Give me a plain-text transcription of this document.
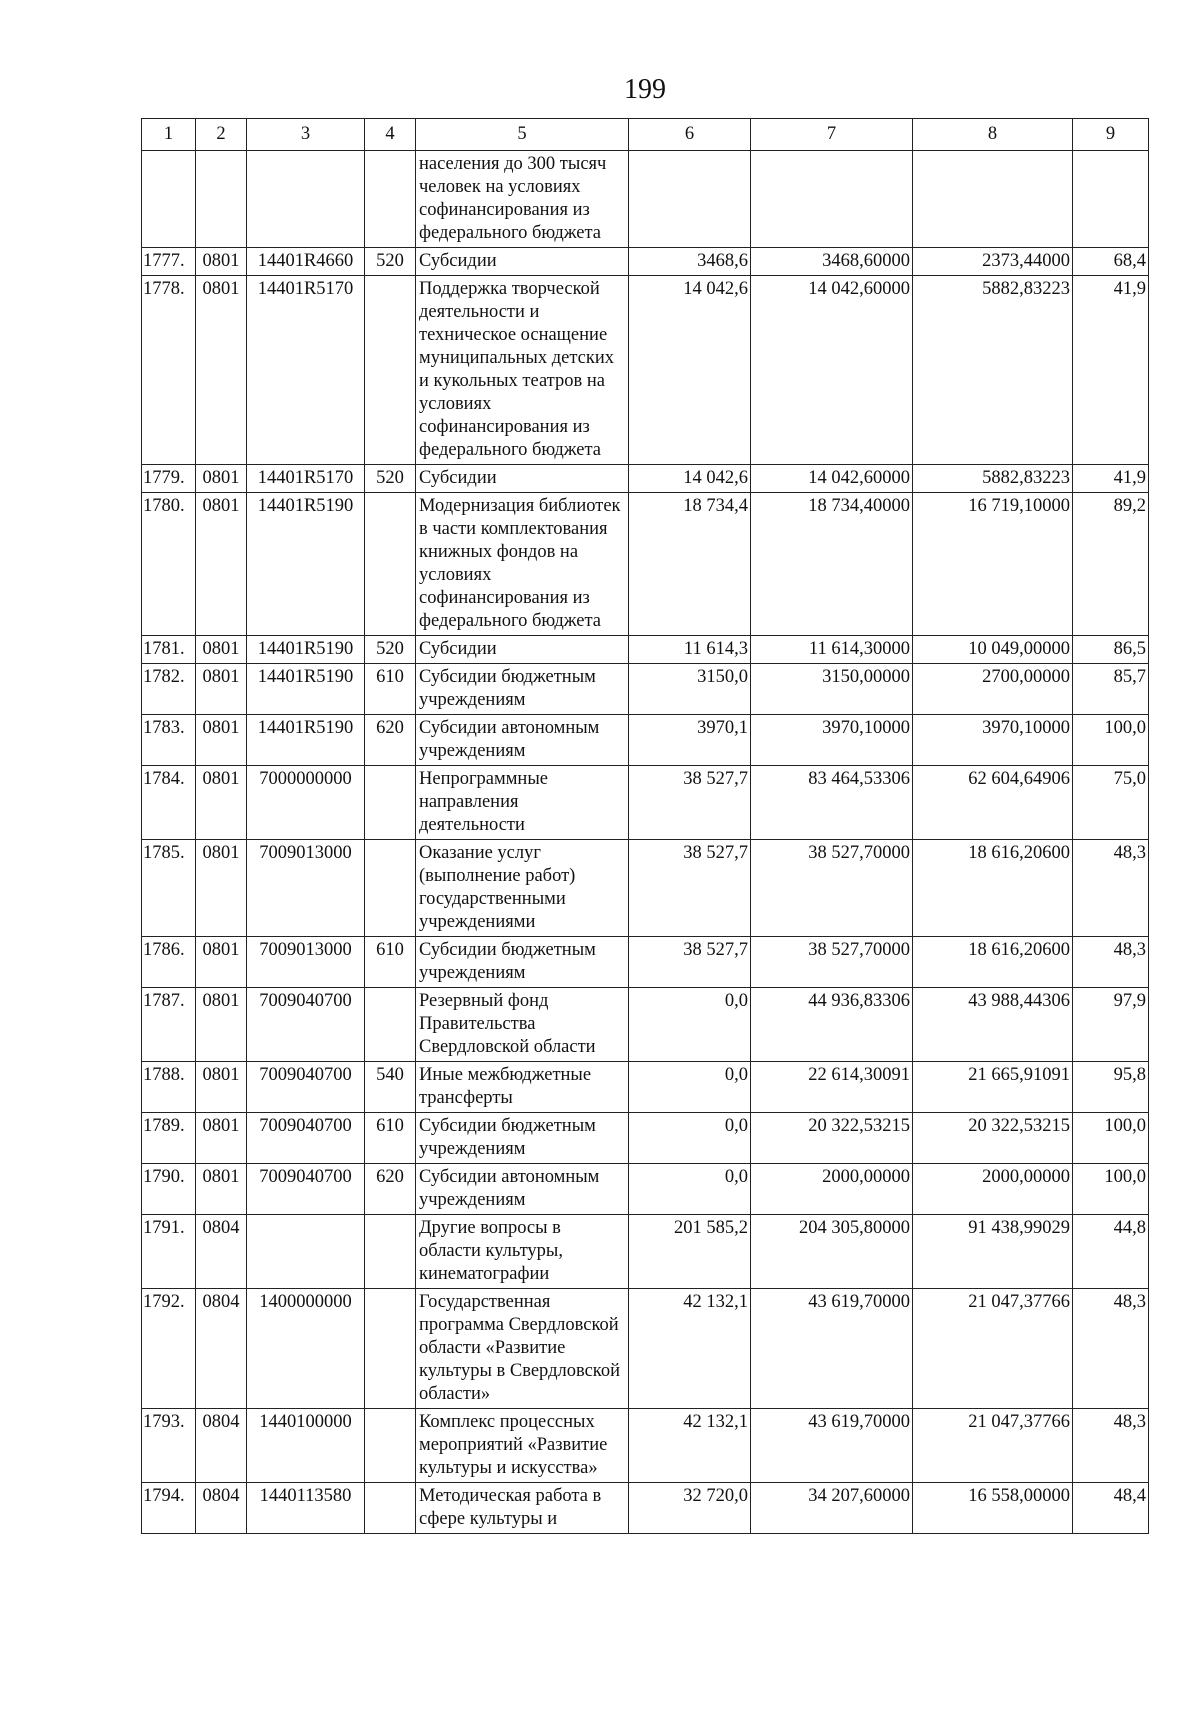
199
1	2	3	4	5	6	7	8	9
				населения до 300 тысяч человек на условиях софинансирования из федерального бюджета				
1777.	0801	14401R4660	520	Субсидии	3468,6	3468,60000	2373,44000	68,4
1778.	0801	14401R5170		Поддержка творческой деятельности и техническое оснащение муниципальных детских и кукольных театров на условиях софинансирования из федерального бюджета	14 042,6	14 042,60000	5882,83223	41,9
1779.	0801	14401R5170	520	Субсидии	14 042,6	14 042,60000	5882,83223	41,9
1780.	0801	14401R5190		Модернизация библиотек в части комплектования книжных фондов на условиях софинансирования из федерального бюджета	18 734,4	18 734,40000	16 719,10000	89,2
1781.	0801	14401R5190	520	Субсидии	11 614,3	11 614,30000	10 049,00000	86,5
1782.	0801	14401R5190	610	Субсидии бюджетным учреждениям	3150,0	3150,00000	2700,00000	85,7
1783.	0801	14401R5190	620	Субсидии автономным учреждениям	3970,1	3970,10000	3970,10000	100,0
1784.	0801	7000000000		Непрограммные направления деятельности	38 527,7	83 464,53306	62 604,64906	75,0
1785.	0801	7009013000		Оказание услуг (выполнение работ) государственными учреждениями	38 527,7	38 527,70000	18 616,20600	48,3
1786.	0801	7009013000	610	Субсидии бюджетным учреждениям	38 527,7	38 527,70000	18 616,20600	48,3
1787.	0801	7009040700		Резервный фонд Правительства Свердловской области	0,0	44 936,83306	43 988,44306	97,9
1788.	0801	7009040700	540	Иные межбюджетные трансферты	0,0	22 614,30091	21 665,91091	95,8
1789.	0801	7009040700	610	Субсидии бюджетным учреждениям	0,0	20 322,53215	20 322,53215	100,0
1790.	0801	7009040700	620	Субсидии автономным учреждениям	0,0	2000,00000	2000,00000	100,0
1791.	0804			Другие вопросы в области культуры, кинематографии	201 585,2	204 305,80000	91 438,99029	44,8
1792.	0804	1400000000		Государственная программа Свердловской области «Развитие культуры в Свердловской области»	42 132,1	43 619,70000	21 047,37766	48,3
1793.	0804	1440100000		Комплекс процессных мероприятий «Развитие культуры и искусства»	42 132,1	43 619,70000	21 047,37766	48,3
1794.	0804	1440113580		Методическая работа в сфере культуры и	32 720,0	34 207,60000	16 558,00000	48,4
